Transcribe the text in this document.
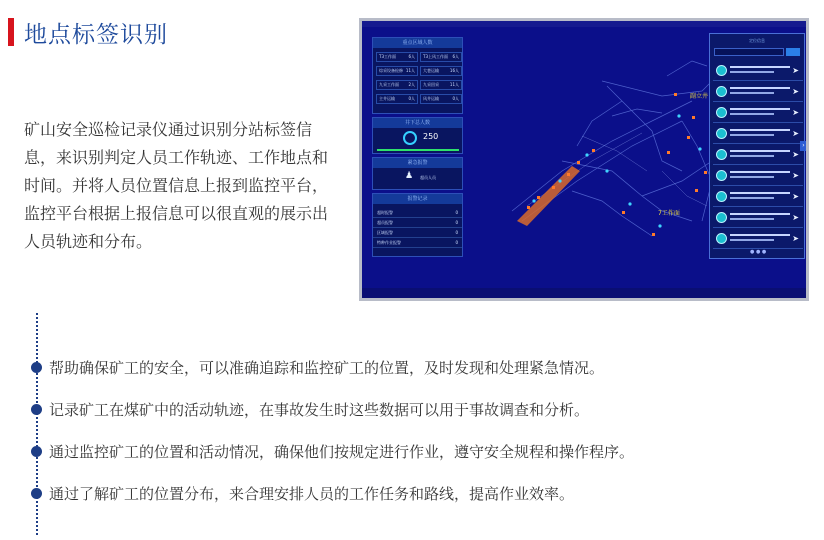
地点标签识别
矿山安全巡检记录仪通过识别分站标签信息，来识别判定人员工作轨迹、工作地点和时间。并将人员位置信息上报到监控平台，监控平台根据上报信息可以很直观的展示出人员轨迹和分布。
副立井
7工作面
重点区域人数
T3工作面	6人	T3上风工作面 6人
综采设备检修 11人	大巷运输	16人
九采工作面 2人	九采回采	11人
主井运输	0人	风井运输	0人
井下总人数
250
紧急报警
♟ 超员人员
报警记录
超时报警	0
超员报警	0
区域报警	0
特种作业报警	0
定位信息
➤
➤
➤
➤
➤
➤
➤
➤
➤
● ● ●
›
帮助确保矿工的安全，可以准确追踪和监控矿工的位置，及时发现和处理紧急情况。
记录矿工在煤矿中的活动轨迹，在事故发生时这些数据可以用于事故调查和分析。
通过监控矿工的位置和活动情况，确保他们按规定进行作业，遵守安全规程和操作程序。
通过了解矿工的位置分布，来合理安排人员的工作任务和路线，提高作业效率。
